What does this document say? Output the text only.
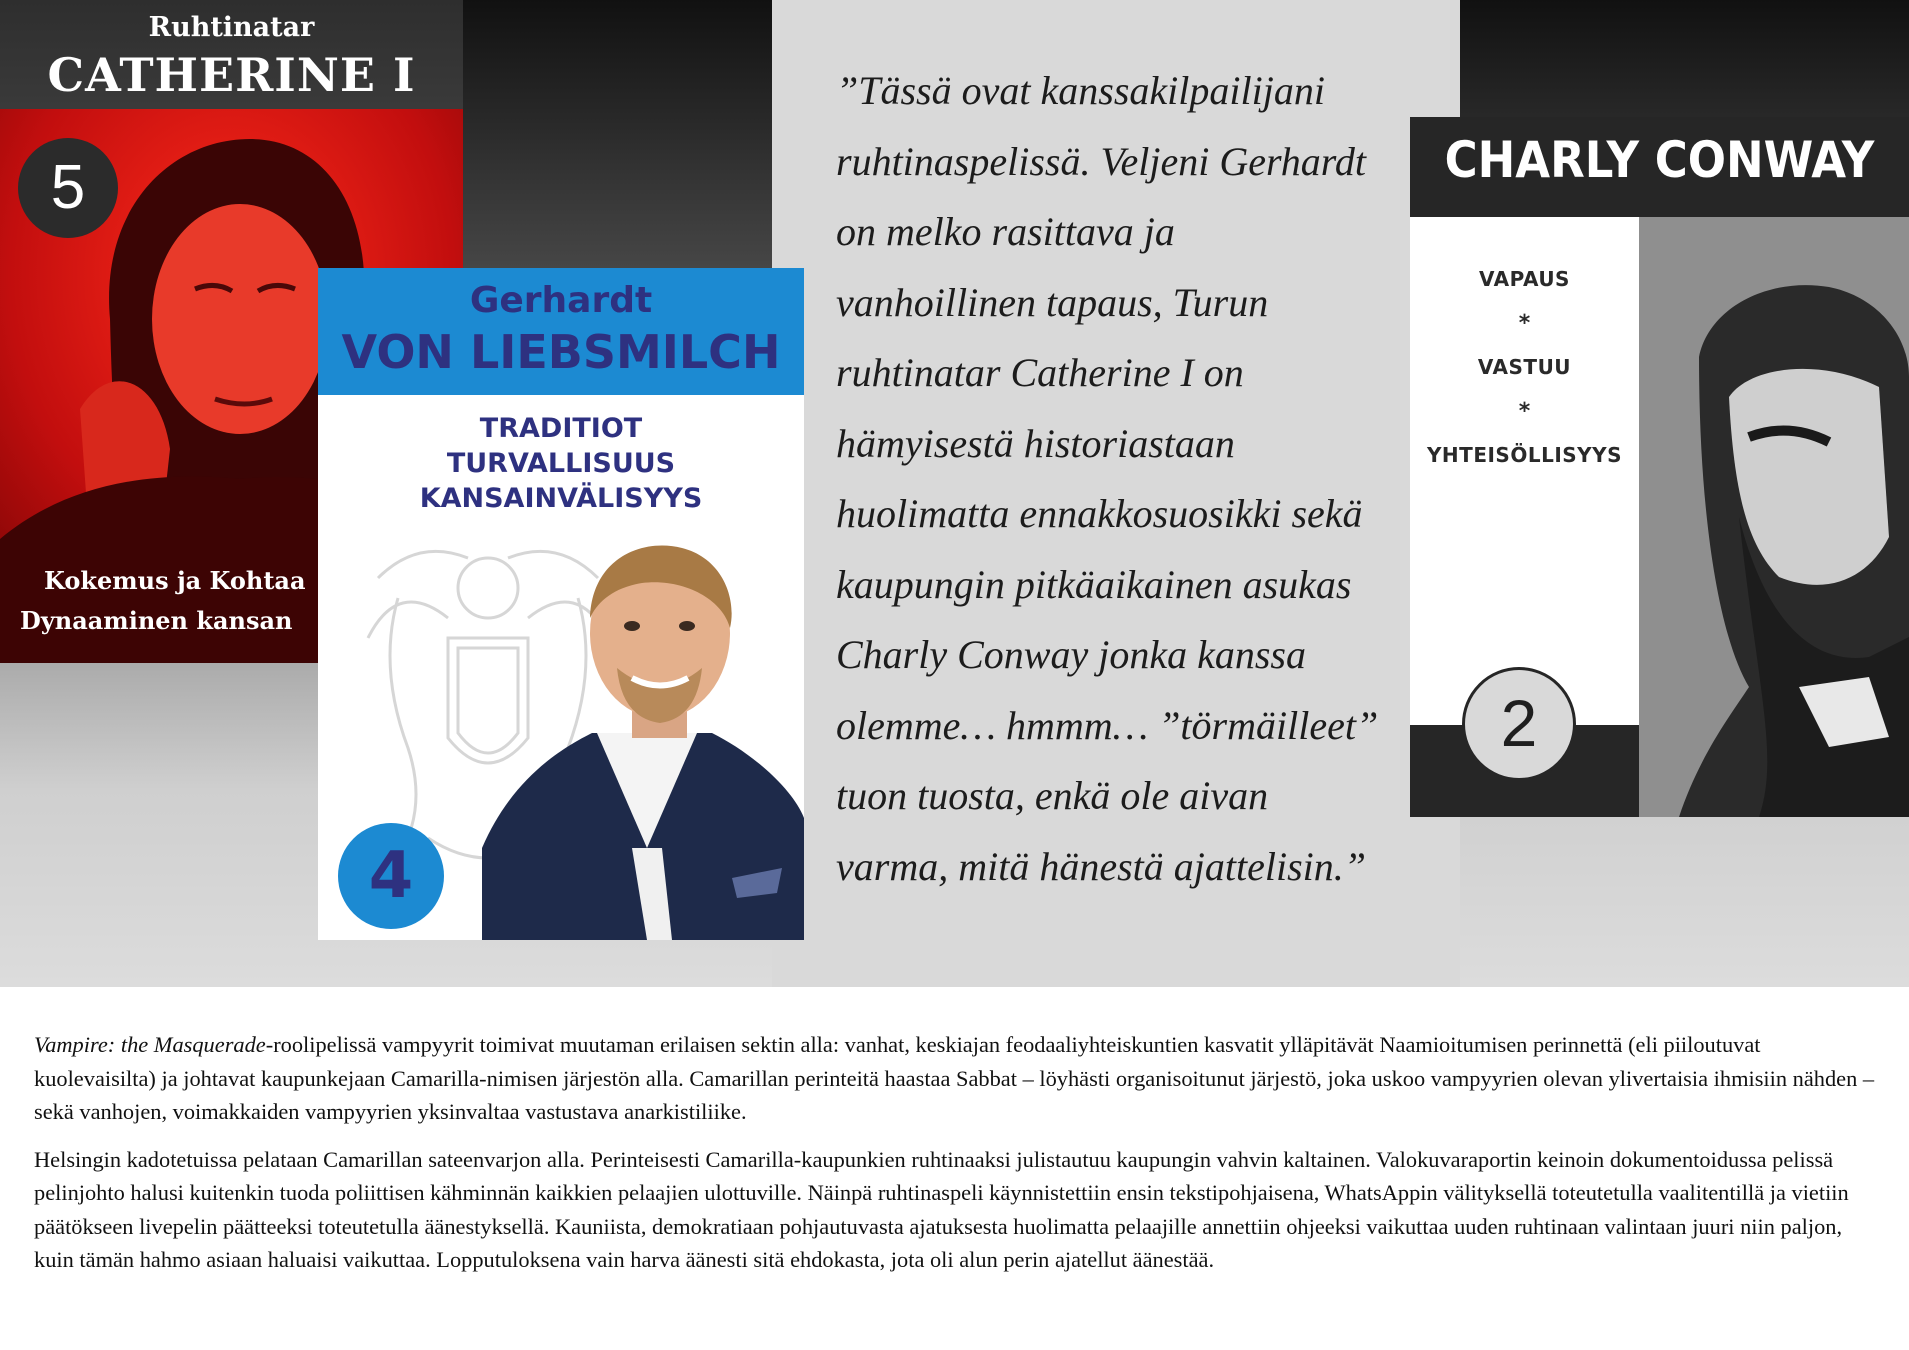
”Tässä ovat kanssakilpailijani
ruhtinaspelissä. Veljeni Gerhardt
on melko rasittava ja
vanhoillinen tapaus, Turun
ruhtinatar Catherine I on
hämyisestä historiastaan
huolimatta ennakkosuosikki sekä
kaupungin pitkäaikainen asukas
Charly Conway jonka kanssa
olemme… hmmm… ”törmäilleet”
tuon tuosta, enkä ole aivan
varma, mitä hänestä ajattelisin.”
Ruhtinatar
CATHERINE I
5
Kokemus ja Kohtaa
Dynaaminen kansan
Gerhardt
VON LIEBSMILCH
TRADITIOT
TURVALLISUUS
KANSAINVÄLISYYS
4
CHARLY CONWAY
VAPAUS
*
VASTUU
*
YHTEISÖLLISYYS
2

Vampire: the Masquerade-roolipelissä vampyyrit toimivat muutaman erilaisen sektin alla: vanhat, keskiajan feodaaliyhteiskuntien kasvatit ylläpitävät Naamioitumisen perinnettä (eli piiloutuvat kuolevaisilta) ja johtavat kaupunkejaan Camarilla-nimisen järjestön alla. Camarillan perinteitä haastaa Sabbat – löyhästi organisoitunut järjestö, joka uskoo vampyyrien olevan ylivertaisia ihmisiin nähden – sekä vanhojen, voimakkaiden vampyyrien yksinvaltaa vastustava anarkistiliike.

Helsingin kadotetuissa pelataan Camarillan sateenvarjon alla. Perinteisesti Camarilla-kaupunkien ruhtinaaksi julistautuu kaupungin vahvin kaltainen. Valokuvaraportin keinoin dokumentoidussa pelissä pelinjohto halusi kuitenkin tuoda poliittisen kähminnän kaikkien pelaajien ulottuville. Näinpä ruhtinaspeli käynnistettiin ensin tekstipohjaisena, WhatsAppin välityksellä toteutetulla vaalitentillä ja vietiin päätökseen livepelin päätteeksi toteutetulla äänestyksellä. Kauniista, demokratiaan pohjautuvasta ajatuksesta huolimatta pelaajille annettiin ohjeeksi vaikuttaa uuden ruhtinaan valintaan juuri niin paljon, kuin tämän hahmo asiaan haluaisi vaikuttaa. Lopputuloksena vain harva äänesti sitä ehdokasta, jota oli alun perin ajatellut äänestää.
